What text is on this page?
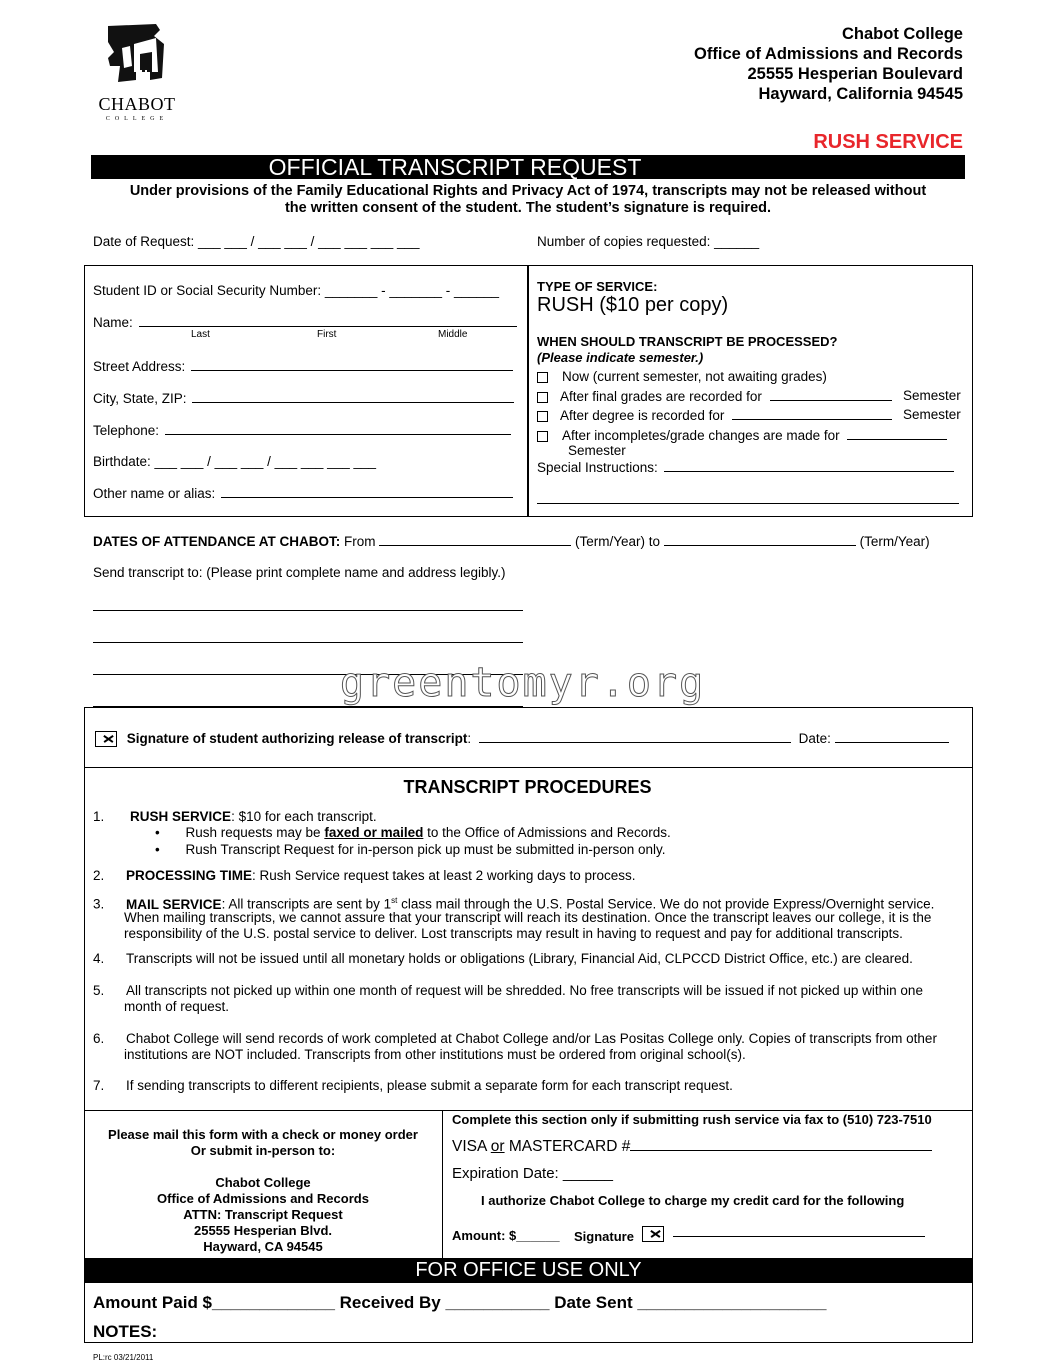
CHABOT
COLLEGE
Chabot College
Office of Admissions and Records
25555 Hesperian Boulevard
Hayward, California 94545
RUSH SERVICE
OFFICIAL TRANSCRIPT REQUEST
Under provisions of the Family Educational Rights and Privacy Act of 1974, transcripts may not be released without
the written consent of the student. The student’s signature is required.
Date of Request: ___ ___ / ___ ___ / ___ ___ ___ ___	Number of copies requested: ______
Student ID or Social Security Number: _______ - _______ - ______
Name:
Last	First	Middle
Street Address:
City, State, ZIP:
Telephone:
Birthdate: ___ ___ / ___ ___ / ___ ___ ___ ___
Other name or alias:
TYPE OF SERVICE:
RUSH ($10 per copy)
WHEN SHOULD TRANSCRIPT BE PROCESSED?
(Please indicate semester.)
Now (current semester, not awaiting grades)
After final grades are recorded for	Semester
After degree is recorded for	Semester
After incompletes/grade changes are made for
Semester
Special Instructions:
DATES OF ATTENDANCE AT CHABOT: From	(Term/Year) to	(Term/Year)
Send transcript to: (Please print complete name and address legibly.)
greentomyr.org
Signature of student authorizing release of transcript:	Date:
TRANSCRIPT PROCEDURES
1. RUSH SERVICE: $10 for each transcript.
• Rush requests may be faxed or mailed to the Office of Admissions and Records.
• Rush Transcript Request for in-person pick up must be submitted in-person only.
2. PROCESSING TIME: Rush Service request takes at least 2 working days to process.
3. MAIL SERVICE: All transcripts are sent by 1st class mail through the U.S. Postal Service. We do not provide Express/Overnight service.
When mailing transcripts, we cannot assure that your transcript will reach its destination. Once the transcript leaves our college, it is the
responsibility of the U.S. postal service to deliver. Lost transcripts may result in having to request and pay for additional transcripts.
4. Transcripts will not be issued until all monetary holds or obligations (Library, Financial Aid, CLPCCD District Office, etc.) are cleared.
5. All transcripts not picked up within one month of request will be shredded. No free transcripts will be issued if not picked up within one
month of request.
6. Chabot College will send records of work completed at Chabot College and/or Las Positas College only. Copies of transcripts from other
institutions are NOT included. Transcripts from other institutions must be ordered from original school(s).
7. If sending transcripts to different recipients, please submit a separate form for each transcript request.
Please mail this form with a check or money order
Or submit in-person to:
Chabot College
Office of Admissions and Records
ATTN: Transcript Request
25555 Hesperian Blvd.
Hayward, CA 94545
Complete this section only if submitting rush service via fax to (510) 723-7510
VISA or MASTERCARD #
Expiration Date: ______
I authorize Chabot College to charge my credit card for the following
Amount: $______ Signature
FOR OFFICE USE ONLY
Amount Paid $_____________ Received By ___________ Date Sent ____________________
NOTES:
PL:rc 03/21/2011
